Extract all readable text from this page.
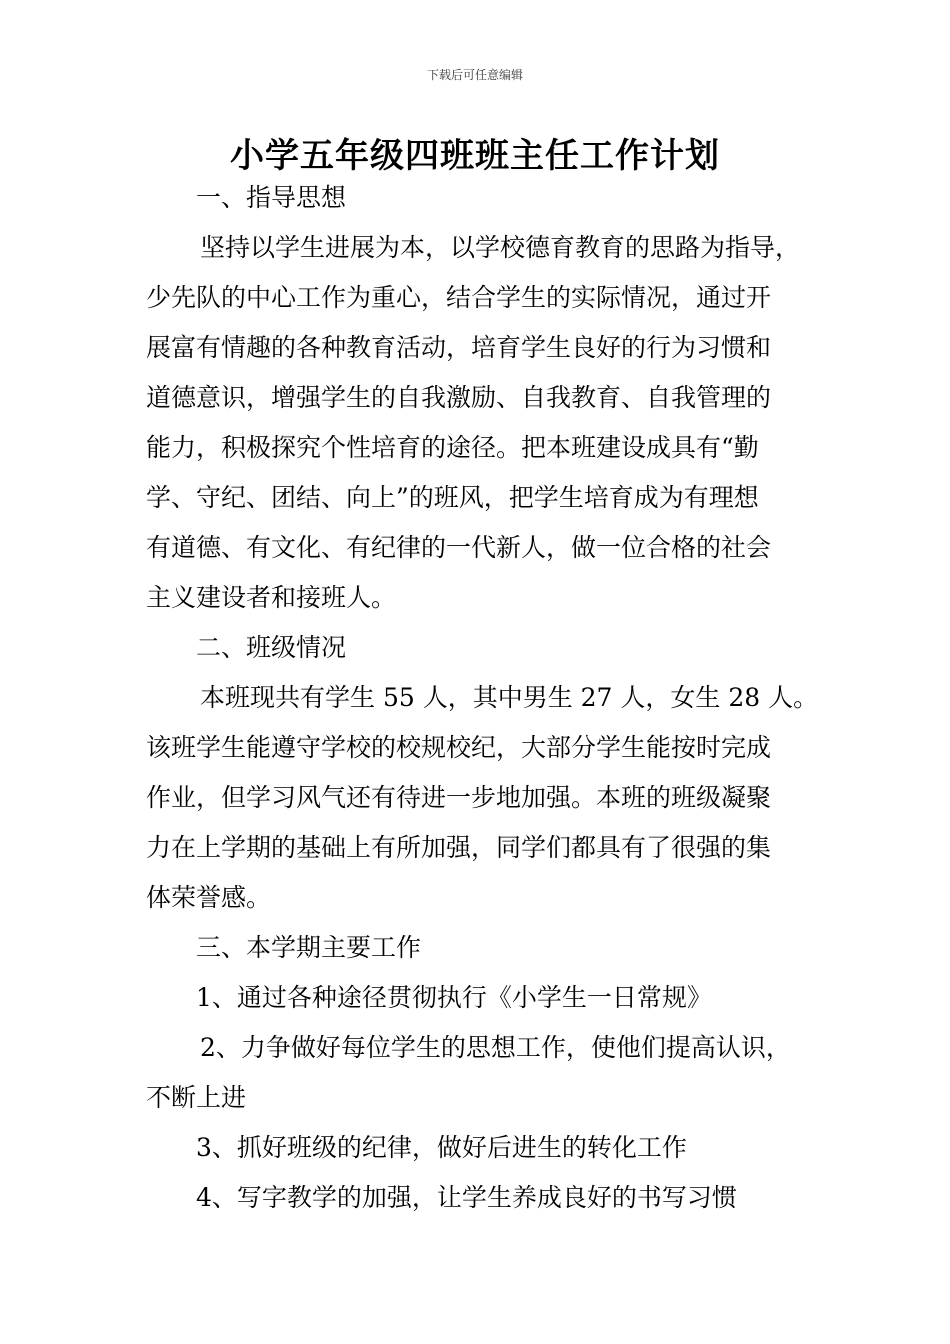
下载后可任意编辑
小学五年级四班班主任工作计划
一、指导思想
坚持以学生进展为本，以学校德育教育的思路为指导，
少先队的中心工作为重心，结合学生的实际情况，通过开
展富有情趣的各种教育活动，培育学生良好的行为习惯和
道德意识，增强学生的自我激励、自我教育、自我管理的
能力，积极探究个性培育的途径。把本班建设成具有“勤
学、守纪、团结、向上”的班风，把学生培育成为有理想
有道德、有文化、有纪律的一代新人，做一位合格的社会
主义建设者和接班人。
二、班级情况
本班现共有学生 55 人，其中男生 27 人，女生 28 人。
该班学生能遵守学校的校规校纪，大部分学生能按时完成
作业，但学习风气还有待进一步地加强。本班的班级凝聚
力在上学期的基础上有所加强，同学们都具有了很强的集
体荣誉感。
三、本学期主要工作
1、通过各种途径贯彻执行《小学生一日常规》
2、力争做好每位学生的思想工作，使他们提高认识，
不断上进
3、抓好班级的纪律，做好后进生的转化工作
4、写字教学的加强，让学生养成良好的书写习惯
